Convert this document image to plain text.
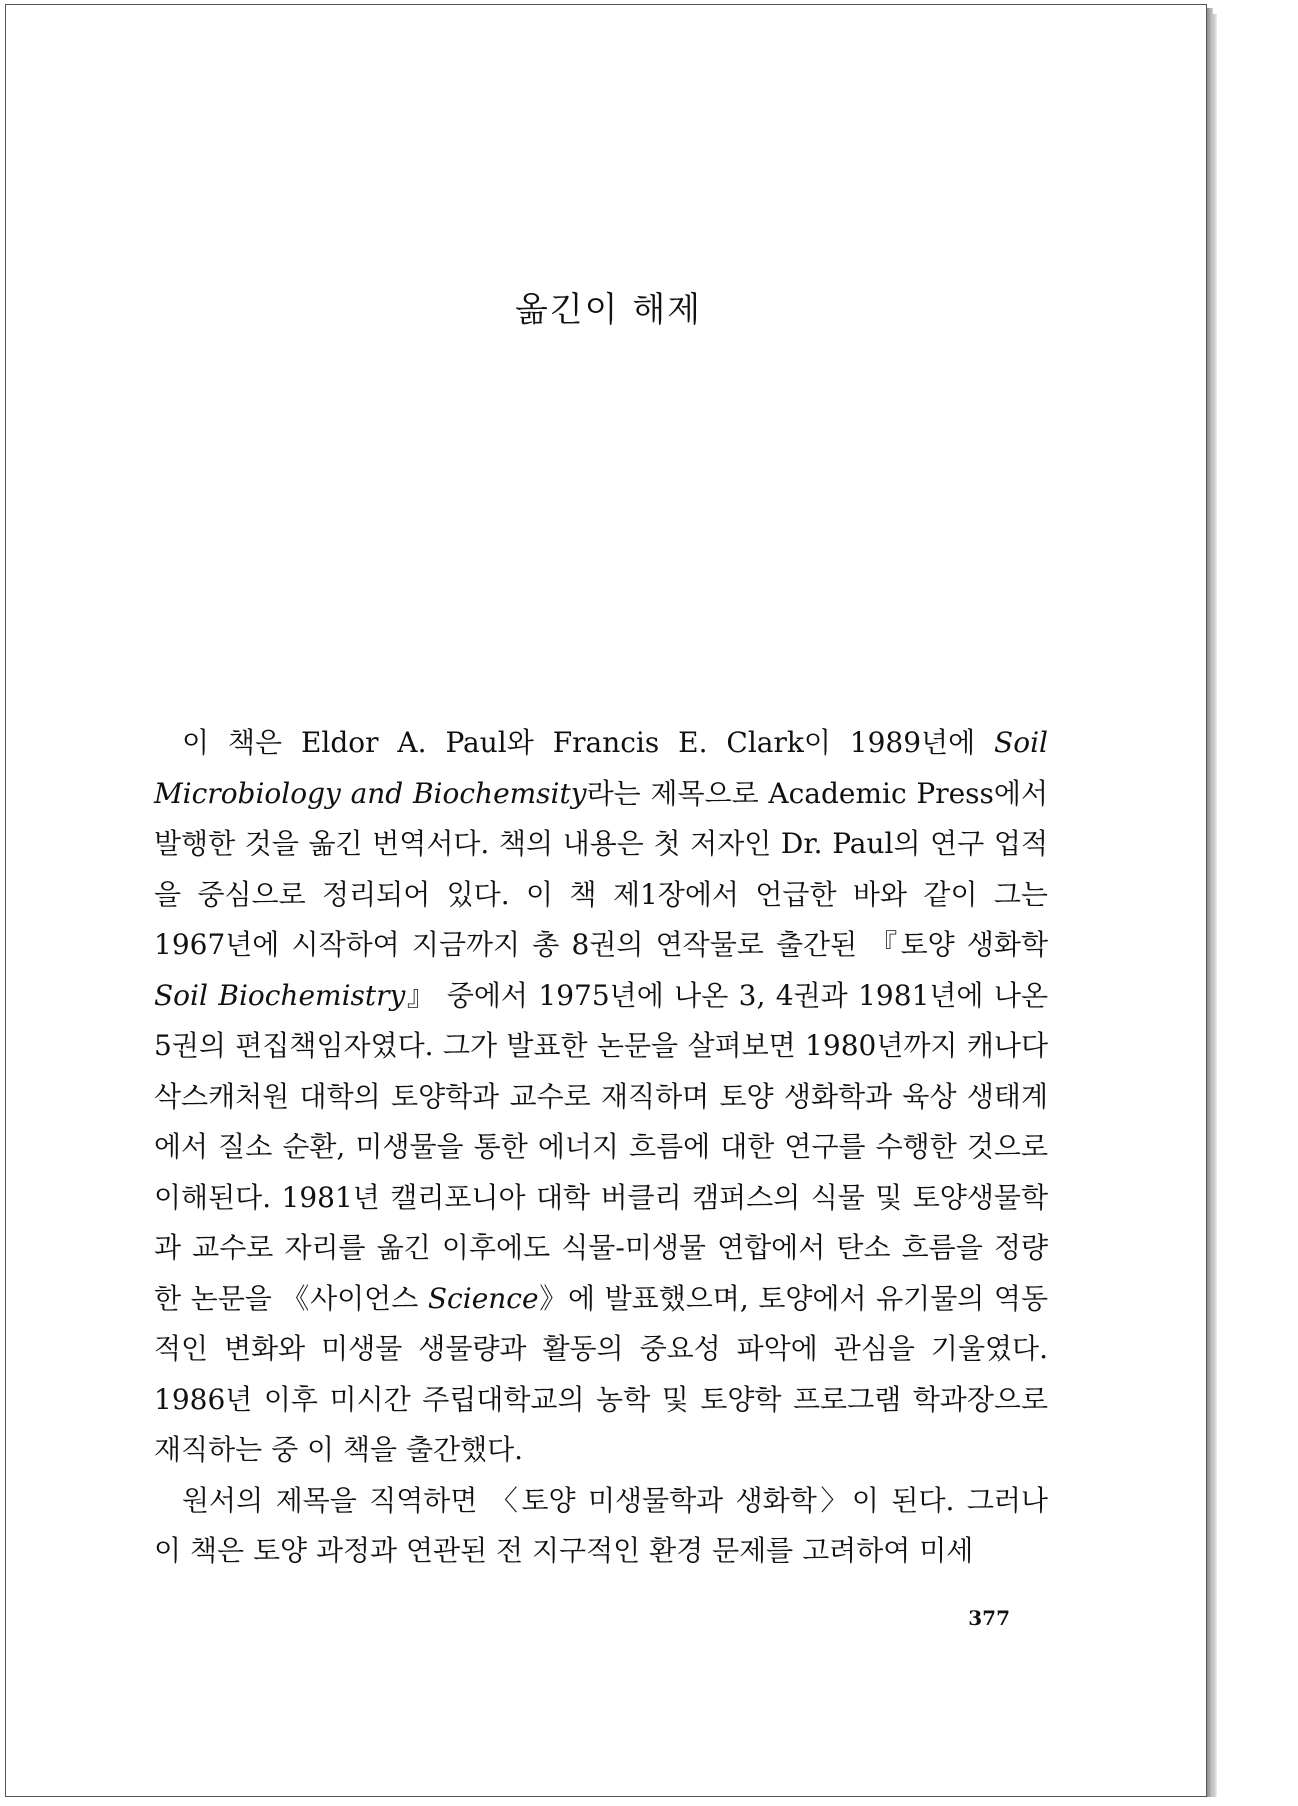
옮긴이 해제

이 책은 Eldor A. Paul와 Francis E. Clark이 1989년에 Soil Microbiology and Biochemsity라는 제목으로 Academic Press에서 발행한 것을 옮긴 번역서다. 책의 내용은 첫 저자인 Dr. Paul의 연구 업적을 중심으로 정리되어 있다. 이 책 제1장에서 언급한 바와 같이 그는 1967년에 시작하여 지금까지 총 8권의 연작물로 출간된 『토양 생화학 Soil Biochemistry』 중에서 1975년에 나온 3, 4권과 1981년에 나온 5권의 편집책임자였다. 그가 발표한 논문을 살펴보면 1980년까지 캐나다 삭스캐처원 대학의 토양학과 교수로 재직하며 토양 생화학과 육상 생태계에서 질소 순환, 미생물을 통한 에너지 흐름에 대한 연구를 수행한 것으로 이해된다. 1981년 캘리포니아 대학 버클리 캠퍼스의 식물 및 토양생물학과 교수로 자리를 옮긴 이후에도 식물-미생물 연합에서 탄소 흐름을 정량한 논문을 《사이언스 Science》에 발표했으며, 토양에서 유기물의 역동적인 변화와 미생물 생물량과 활동의 중요성 파악에 관심을 기울였다. 1986년 이후 미시간 주립대학교의 농학 및 토양학 프로그램 학과장으로 재직하는 중 이 책을 출간했다.

원서의 제목을 직역하면 〈토양 미생물학과 생화학〉이 된다. 그러나 이 책은 토양 과정과 연관된 전 지구적인 환경 문제를 고려하여 미세

377
